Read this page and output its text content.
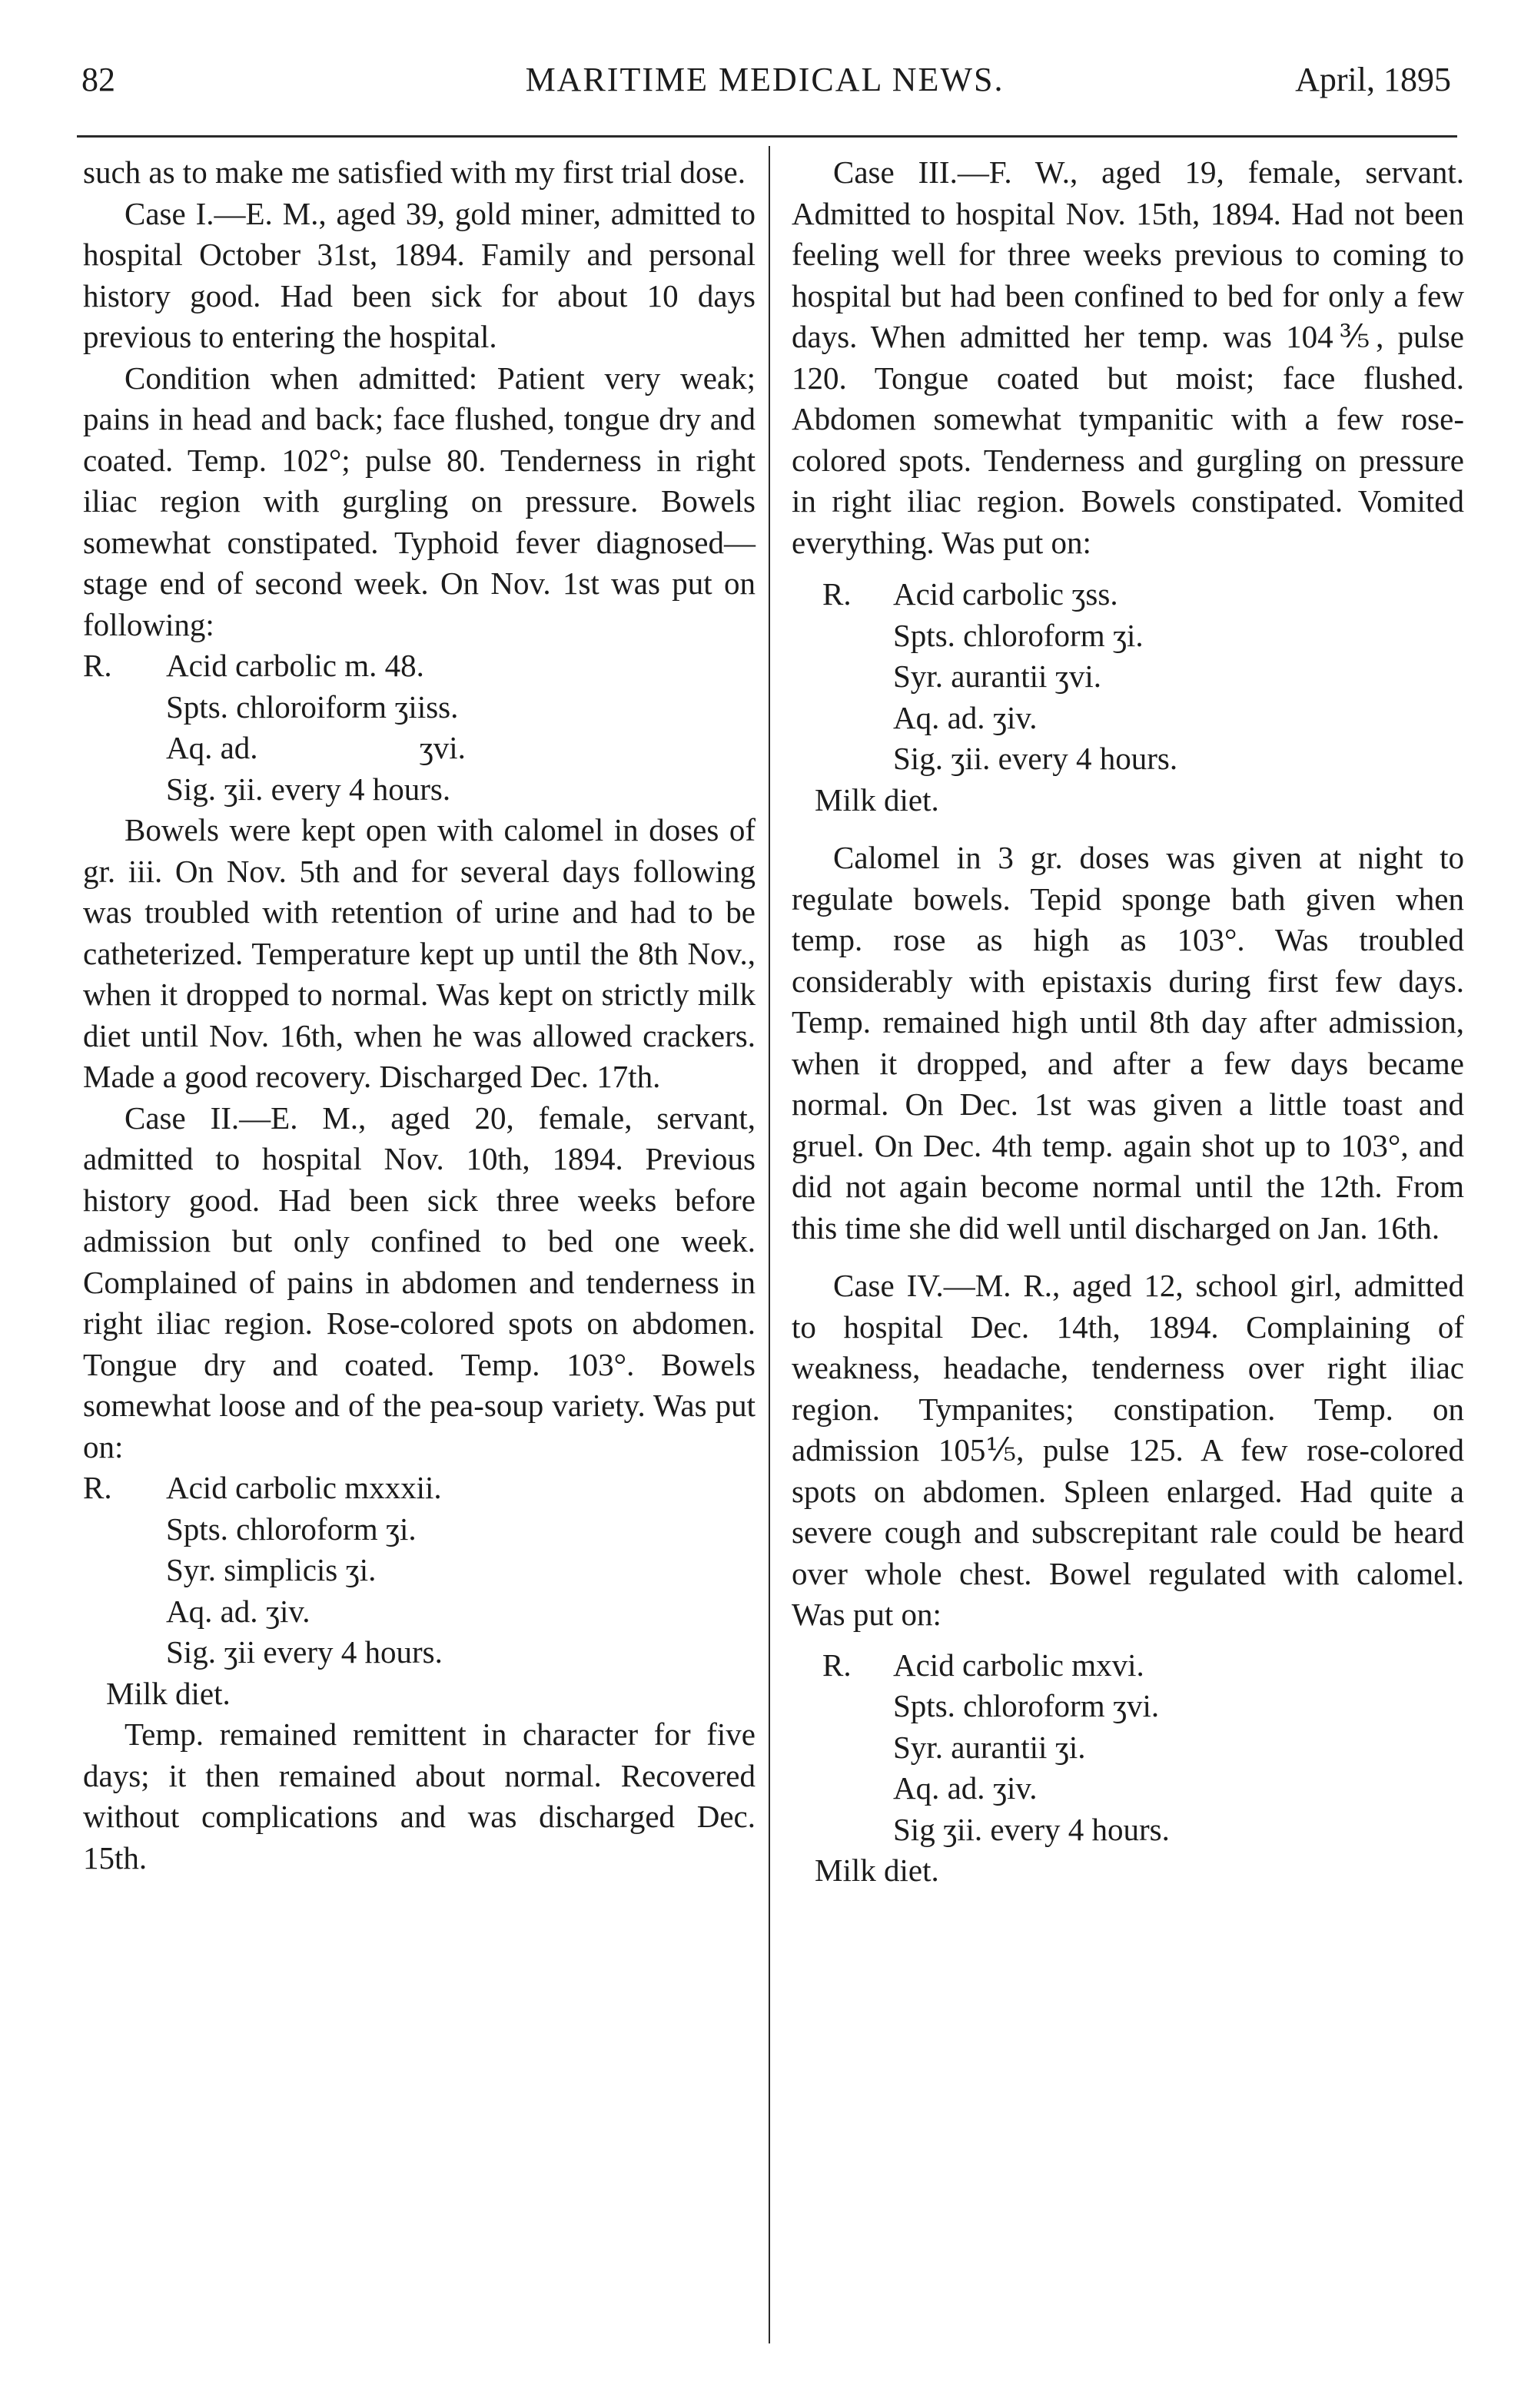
82	MARITIME MEDICAL NEWS.	April, 1895

such as to make me satisfied with my first trial dose.

Case I.—E. M., aged 39, gold miner, admitted to hospital October 31st, 1894. Family and personal history good. Had been sick for about 10 days previous to entering the hospital.

Condition when admitted: Patient very weak; pains in head and back; face flushed, tongue dry and coated. Temp. 102°; pulse 80. Tenderness in right iliac region with gurgling on pressure. Bowels somewhat constipated. Typhoid fever diagnosed—stage end of second week. On Nov. 1st was put on following:

R. Acid carbolic m. 48.

Spts. chloroiform ʒiiss.

Aq. ad.	ʒvi.

Sig. ʒii. every 4 hours.

Bowels were kept open with calomel in doses of gr. iii. On Nov. 5th and for several days following was troubled with retention of urine and had to be catheterized. Temperature kept up until the 8th Nov., when it dropped to normal. Was kept on strictly milk diet until Nov. 16th, when he was allowed crackers. Made a good recovery. Discharged Dec. 17th.

Case II.—E. M., aged 20, female, servant, admitted to hospital Nov. 10th, 1894. Previous history good. Had been sick three weeks before admission but only confined to bed one week. Complained of pains in abdomen and tenderness in right iliac region. Rose-colored spots on abdomen. Tongue dry and coated. Temp. 103°. Bowels somewhat loose and of the pea-soup variety. Was put on:

R. Acid carbolic mxxxii.

Spts. chloroform ʒi.

Syr. simplicis ʒi.

Aq. ad. ʒiv.

Sig. ʒii every 4 hours.

Milk diet.

Temp. remained remittent in character for five days; it then remained about normal. Recovered without complications and was discharged Dec. 15th.

Case III.—F. W., aged 19, female, servant. Admitted to hospital Nov. 15th, 1894. Had not been feeling well for three weeks previous to coming to hospital but had been confined to bed for only a few days. When admitted her temp. was 104⅗, pulse 120. Tongue coated but moist; face flushed. Abdomen somewhat tympanitic with a few rose-colored spots. Tenderness and gurgling on pressure in right iliac region. Bowels constipated. Vomited everything. Was put on:

R. Acid carbolic ʒss.

Spts. chloroform ʒi.

Syr. aurantii ʒvi.

Aq. ad. ʒiv.

Sig. ʒii. every 4 hours.

Milk diet.

Calomel in 3 gr. doses was given at night to regulate bowels. Tepid sponge bath given when temp. rose as high as 103°. Was troubled considerably with epistaxis during first few days. Temp. remained high until 8th day after admission, when it dropped, and after a few days became normal. On Dec. 1st was given a little toast and gruel. On Dec. 4th temp. again shot up to 103°, and did not again become normal until the 12th. From this time she did well until discharged on Jan. 16th.

Case IV.—M. R., aged 12, school girl, admitted to hospital Dec. 14th, 1894. Complaining of weakness, headache, tenderness over right iliac region. Tympanites; constipation. Temp. on admission 105⅕, pulse 125. A few rose-colored spots on abdomen. Spleen enlarged. Had quite a severe cough and subscrepitant rale could be heard over whole chest. Bowel regulated with calomel. Was put on:

R. Acid carbolic mxvi.

Spts. chloroform ʒvi.

Syr. aurantii ʒi.

Aq. ad. ʒiv.

Sig ʒii. every 4 hours.

Milk diet.
